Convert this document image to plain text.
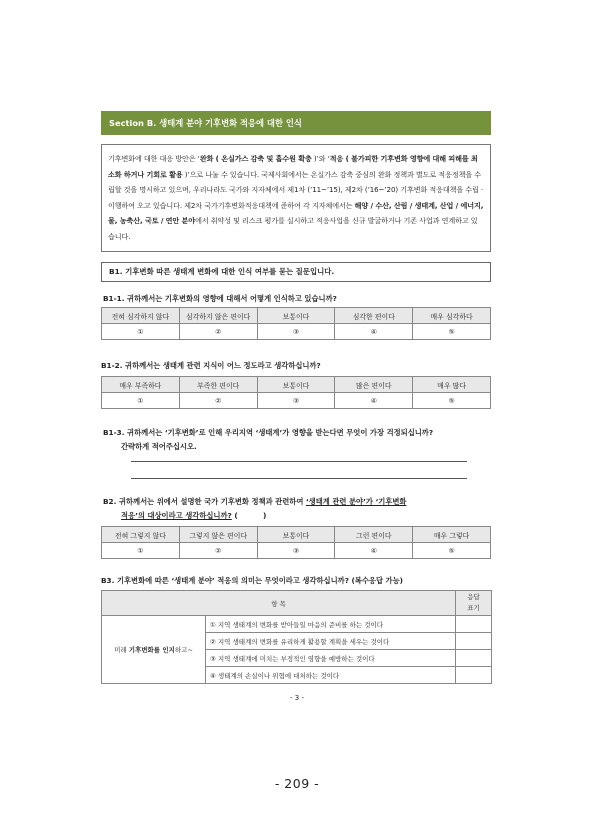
Section B. 생태계 분야 기후변화 적응에 대한 인식
기후변화에 대한 대응 방안은 ‘완화 ( 온실가스 감축 및 흡수원 확충 )’와 ‘적응 ( 불가피한 기후변화 영향에 대해 피해를 최소화 하거나 기회로 활용 )’으로 나눌 수 있습니다. 국제사회에서는 온실가스 감축 중심의 완화 정책과 별도로 적응정책을 수립할 것을 명시하고 있으며, 우리나라도 국가와 지자체에서 제1차 (’11~’15), 제2차 (’16~’20) 기후변화 적응대책을 수립 · 이행하여 오고 있습니다. 제2차 국가기후변화적응대책에 준하여 각 지자체에서는 해양 / 수산, 산림 / 생태계, 산업 / 에너지, 물, 농축산, 국토 / 연안 분야에서 취약성 및 리스크 평가를 실시하고 적응사업을 신규 발굴하거나 기존 사업과 연계하고 있습니다.
B1. 기후변화 따른 생태계 변화에 대한 인식 여부를 묻는 질문입니다.
B1-1. 귀하께서는 기후변화의 영향에 대해서 어떻게 인식하고 있습니까?
전혀 심각하지 않다	심각하지 않은 편이다	보통이다	심각한 편이다	매우 심각하다
①	②	③	④	⑤
B1-2. 귀하께서는 생태계 관련 지식이 어느 정도라고 생각하십니까?
매우 부족하다	부족한 편이다	보통이다	많은 편이다	매우 많다
①	②	③	④	⑤
B1-3. 귀하께서는 ‘기후변화’로 인해 우리지역 ‘생태계’가 영향을 받는다면 무엇이 가장 걱정되십니까?
간략하게 적어주십시오.
B2. 귀하께서는 위에서 설명한 국가 기후변화 정책과 관련하여 ‘생태계 관련 분야’가 ‘기후변화
적응’의 대상이라고 생각하십니까? (          )
전혀 그렇지 않다	그렇지 않은 편이다	보통이다	그런 편이다	매우 그렇다
①	②	③	④	⑤
B3. 기후변화에 따른 ‘생태계 분야’ 적응의 의미는 무엇이라고 생각하십니까? (복수응답 가능)
항 목		응답
표기

미래 기후변화를 인지하고~	① 지역 생태계의 변화를 받아들일 마음의 준비를 하는 것이다	
	② 지역 생태계의 변화를 유리하게 활용할 계획을 세우는 것이다	
	③ 지역 생태계에 미치는 부정적인 영향을 예방하는 것이다	
	④ 생태계의 손실이나 위협에 대처하는 것이다	
- 3 -
- 209 -
